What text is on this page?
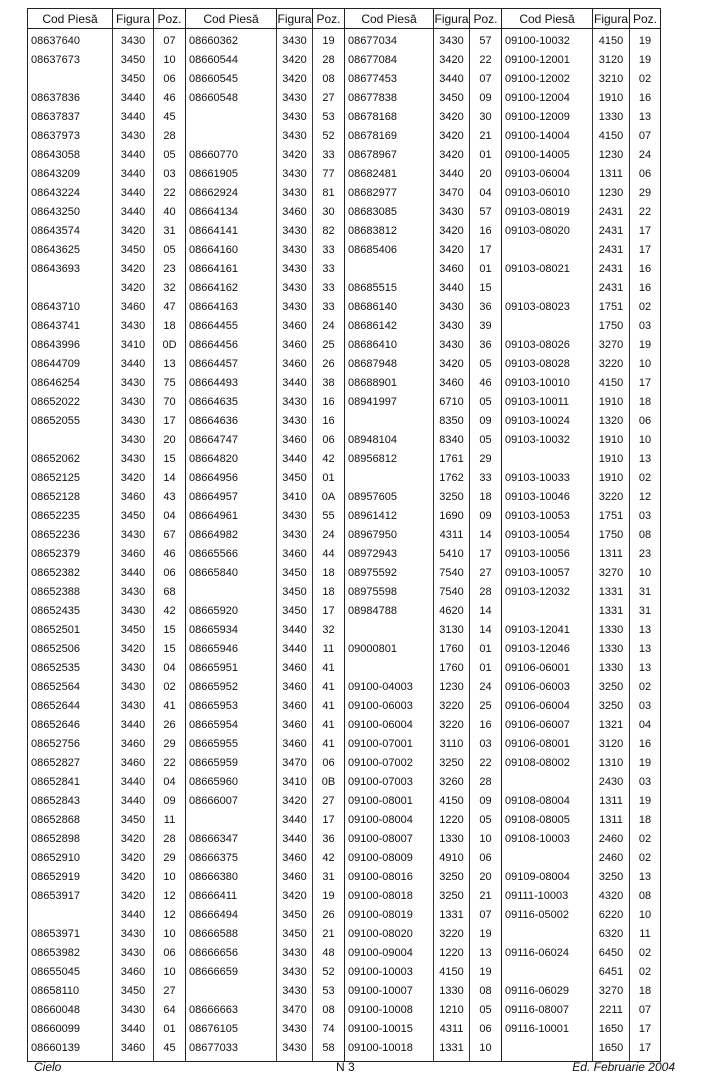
Cod Piesă	Figura	Poz.	Cod Piesă	Figura	Poz.	Cod Piesă	Figura	Poz.	Cod Piesă	Figura	Poz.
08637640	3430	07	08660362	3430	19	08677034	3430	57	09100-10032	4150	19
08637673	3450	10	08660544	3420	28	08677084	3420	22	09100-12001	3120	19
	3450	06	08660545	3420	08	08677453	3440	07	09100-12002	3210	02
08637836	3440	46	08660548	3430	27	08677838	3450	09	09100-12004	1910	16
08637837	3440	45		3430	53	08678168	3420	30	09100-12009	1330	13
08637973	3430	28		3430	52	08678169	3420	21	09100-14004	4150	07
08643058	3440	05	08660770	3420	33	08678967	3420	01	09100-14005	1230	24
08643209	3440	03	08661905	3430	77	08682481	3440	20	09103-06004	1311	06
08643224	3440	22	08662924	3430	81	08682977	3470	04	09103-06010	1230	29
08643250	3440	40	08664134	3460	30	08683085	3430	57	09103-08019	2431	22
08643574	3420	31	08664141	3430	82	08683812	3420	16	09103-08020	2431	17
08643625	3450	05	08664160	3430	33	08685406	3420	17		2431	17
08643693	3420	23	08664161	3430	33		3460	01	09103-08021	2431	16
	3420	32	08664162	3430	33	08685515	3440	15		2431	16
08643710	3460	47	08664163	3430	33	08686140	3430	36	09103-08023	1751	02
08643741	3430	18	08664455	3460	24	08686142	3430	39		1750	03
08643996	3410	0D	08664456	3460	25	08686410	3430	36	09103-08026	3270	19
08644709	3440	13	08664457	3460	26	08687948	3420	05	09103-08028	3220	10
08646254	3430	75	08664493	3440	38	08688901	3460	46	09103-10010	4150	17
08652022	3430	70	08664635	3430	16	08941997	6710	05	09103-10011	1910	18
08652055	3430	17	08664636	3430	16		8350	09	09103-10024	1320	06
	3430	20	08664747	3460	06	08948104	8340	05	09103-10032	1910	10
08652062	3430	15	08664820	3440	42	08956812	1761	29		1910	13
08652125	3420	14	08664956	3450	01		1762	33	09103-10033	1910	02
08652128	3460	43	08664957	3410	0A	08957605	3250	18	09103-10046	3220	12
08652235	3450	04	08664961	3430	55	08961412	1690	09	09103-10053	1751	03
08652236	3430	67	08664982	3430	24	08967950	4311	14	09103-10054	1750	08
08652379	3460	46	08665566	3460	44	08972943	5410	17	09103-10056	1311	23
08652382	3440	06	08665840	3450	18	08975592	7540	27	09103-10057	3270	10
08652388	3430	68		3450	18	08975598	7540	28	09103-12032	1331	31
08652435	3430	42	08665920	3450	17	08984788	4620	14		1331	31
08652501	3450	15	08665934	3440	32		3130	14	09103-12041	1330	13
08652506	3420	15	08665946	3440	11	09000801	1760	01	09103-12046	1330	13
08652535	3430	04	08665951	3460	41		1760	01	09106-06001	1330	13
08652564	3430	02	08665952	3460	41	09100-04003	1230	24	09106-06003	3250	02
08652644	3430	41	08665953	3460	41	09100-06003	3220	25	09106-06004	3250	03
08652646	3440	26	08665954	3460	41	09100-06004	3220	16	09106-06007	1321	04
08652756	3460	29	08665955	3460	41	09100-07001	3110	03	09106-08001	3120	16
08652827	3460	22	08665959	3470	06	09100-07002	3250	22	09108-08002	1310	19
08652841	3440	04	08665960	3410	0B	09100-07003	3260	28		2430	03
08652843	3440	09	08666007	3420	27	09100-08001	4150	09	09108-08004	1311	19
08652868	3450	11		3440	17	09100-08004	1220	05	09108-08005	1311	18
08652898	3420	28	08666347	3440	36	09100-08007	1330	10	09108-10003	2460	02
08652910	3420	29	08666375	3460	42	09100-08009	4910	06		2460	02
08652919	3420	10	08666380	3460	31	09100-08016	3250	20	09109-08004	3250	13
08653917	3420	12	08666411	3420	19	09100-08018	3250	21	09111-10003	4320	08
	3440	12	08666494	3450	26	09100-08019	1331	07	09116-05002	6220	10
08653971	3430	10	08666588	3450	21	09100-08020	3220	19		6320	11
08653982	3430	06	08666656	3430	48	09100-09004	1220	13	09116-06024	6450	02
08655045	3460	10	08666659	3430	52	09100-10003	4150	19		6451	02
08658110	3450	27		3430	53	09100-10007	1330	08	09116-06029	3270	18
08660048	3430	64	08666663	3470	08	09100-10008	1210	05	09116-08007	2211	07
08660099	3440	01	08676105	3430	74	09100-10015	4311	06	09116-10001	1650	17
08660139	3460	45	08677033	3430	58	09100-10018	1331	10		1650	17
Cielo	N 3	Ed. Februarie 2004
